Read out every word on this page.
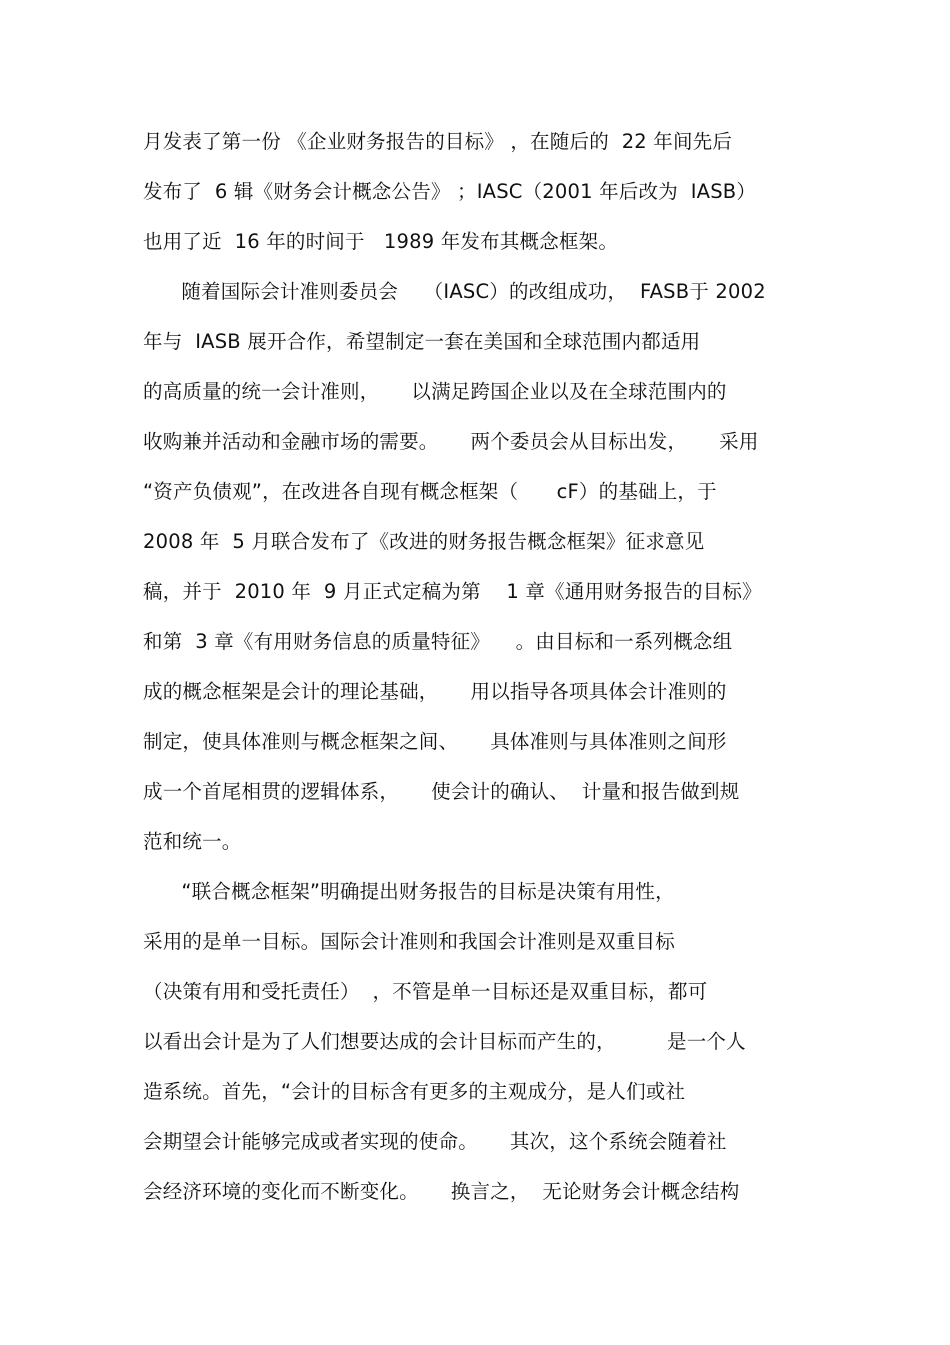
月发表了第一份 《企业财务报告的目标》 ，在随后的  22 年间先后
发布了  6 辑《财务会计概念公告》 ；IASC（2001 年后改为  IASB）
也用了近  16 年的时间于   1989 年发布其概念框架。
随着国际会计准则委员会    （IASC）的改组成功，  FASB于 2002
年与  IASB 展开合作，希望制定一套在美国和全球范围内都适用
的高质量的统一会计准则，     以满足跨国企业以及在全球范围内的
收购兼并活动和金融市场的需要。     两个委员会从目标出发，     采用
“资产负债观”，在改进各自现有概念框架（      cF）的基础上，于
2008 年  5 月联合发布了《改进的财务报告概念框架》征求意见
稿，并于  2010 年  9 月正式定稿为第    1 章《通用财务报告的目标》
和第  3 章《有用财务信息的质量特征》    。由目标和一系列概念组
成的概念框架是会计的理论基础，     用以指导各项具体会计准则的
制定，使具体准则与概念框架之间、     具体准则与具体准则之间形
成一个首尾相贯的逻辑体系，     使会计的确认、  计量和报告做到规
范和统一。
“联合概念框架”明确提出财务报告的目标是决策有用性，
采用的是单一目标。国际会计准则和我国会计准则是双重目标
（决策有用和受托责任）  ，不管是单一目标还是双重目标，都可
以看出会计是为了人们想要达成的会计目标而产生的，        是一个人
造系统。首先，“会计的目标含有更多的主观成分，是人们或社
会期望会计能够完成或者实现的使命。     其次，这个系统会随着社
会经济环境的变化而不断变化。     换言之，  无论财务会计概念结构
